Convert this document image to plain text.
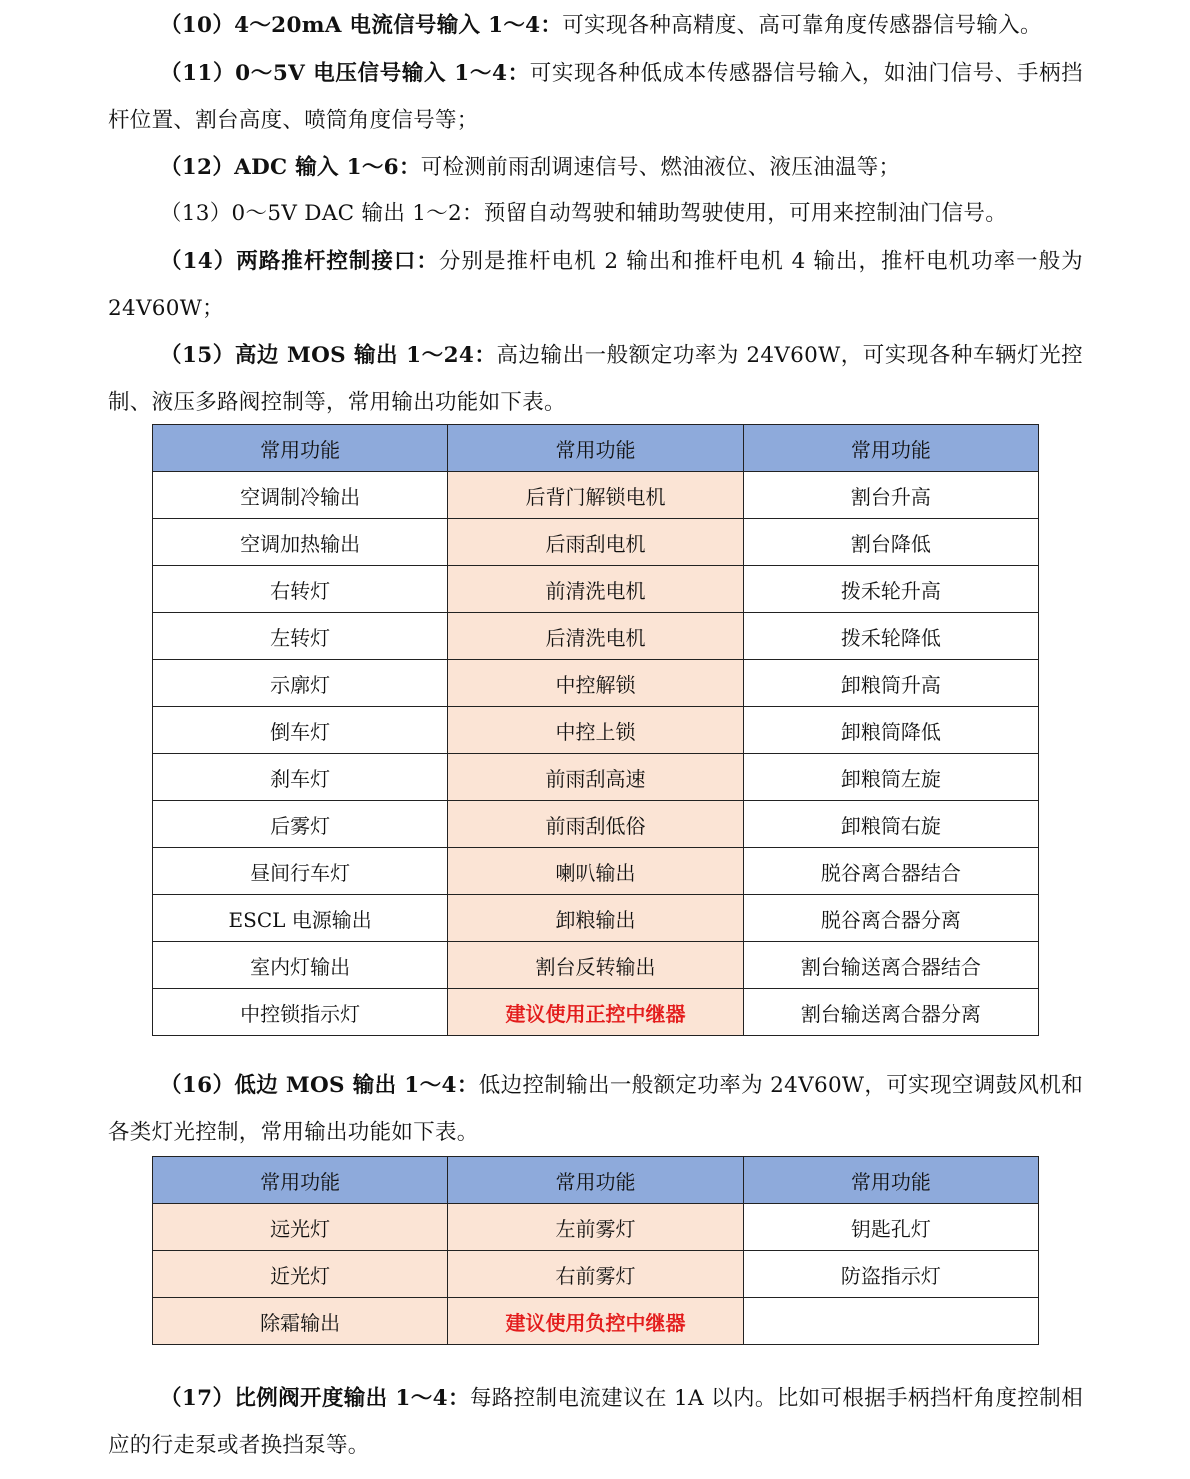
（10）4～20mA 电流信号输入 1～4：可实现各种高精度、高可靠角度传感器信号输入。

（11）0～5V 电压信号输入 1～4：可实现各种低成本传感器信号输入，如油门信号、手柄挡杆位置、割台高度、喷筒角度信号等；

（12）ADC 输入 1～6：可检测前雨刮调速信号、燃油液位、液压油温等；

（13）0～5V DAC 输出 1～2：预留自动驾驶和辅助驾驶使用，可用来控制油门信号。

（14）两路推杆控制接口：分别是推杆电机 2 输出和推杆电机 4 输出，推杆电机功率一般为 24V60W；

（15）高边 MOS 输出 1～24：高边输出一般额定功率为 24V60W，可实现各种车辆灯光控制、液压多路阀控制等，常用输出功能如下表。

常用功能	常用功能	常用功能
空调制冷输出	后背门解锁电机	割台升高
空调加热输出	后雨刮电机	割台降低
右转灯	前清洗电机	拨禾轮升高
左转灯	后清洗电机	拨禾轮降低
示廓灯	中控解锁	卸粮筒升高
倒车灯	中控上锁	卸粮筒降低
刹车灯	前雨刮高速	卸粮筒左旋
后雾灯	前雨刮低俗	卸粮筒右旋
昼间行车灯	喇叭输出	脱谷离合器结合
ESCL 电源输出	卸粮输出	脱谷离合器分离
室内灯输出	割台反转输出	割台输送离合器结合
中控锁指示灯	建议使用正控中继器	割台输送离合器分离

（16）低边 MOS 输出 1～4：低边控制输出一般额定功率为 24V60W，可实现空调鼓风机和各类灯光控制，常用输出功能如下表。

常用功能	常用功能	常用功能
远光灯	左前雾灯	钥匙孔灯
近光灯	右前雾灯	防盗指示灯
除霜输出	建议使用负控中继器	

（17）比例阀开度输出 1～4：每路控制电流建议在 1A 以内。比如可根据手柄挡杆角度控制相应的行走泵或者换挡泵等。
